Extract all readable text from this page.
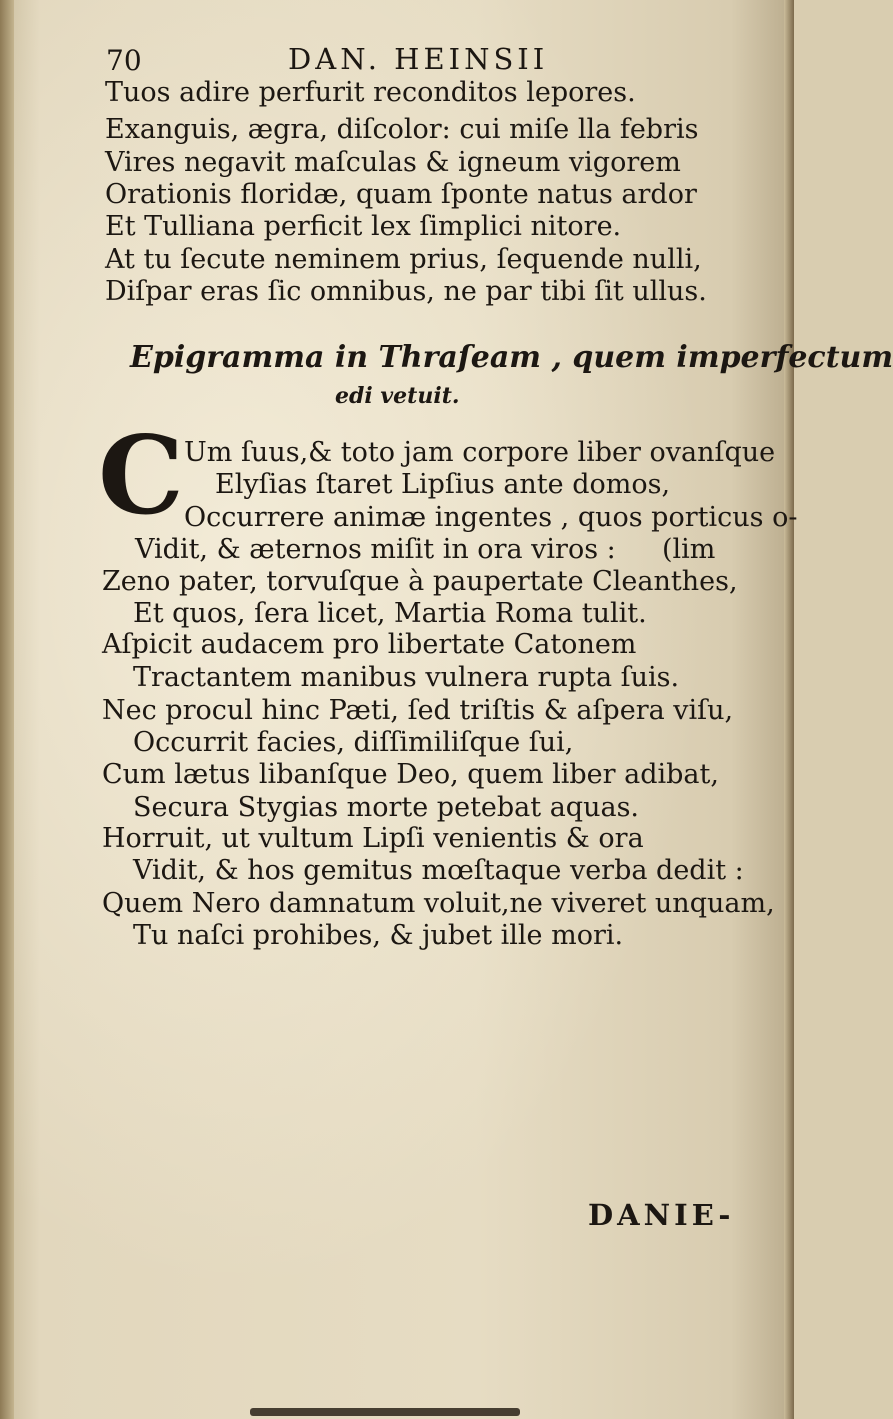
70	DAN. HEINSII
Tuos adire perfurit reconditos lepores.
Exanguis, ægra, diſcolor: cui miſe lla febris
Vires negavit maſculas & igneum vigorem
Orationis floridæ, quam ſponte natus ardor
Et Tulliana perficit lex ſimplici nitore.
At tu ſecute neminem prius, ſequende nulli,
Diſpar eras ſic omnibus, ne par tibi ſit ullus.
Epigramma in Thraſeam , quem imperfectum
edi vetuit.
C Um ſuus,& toto jam corpore liber ovanſque
Elyſias ſtaret Lipſius ante domos,
Occurrere animæ ingentes , quos porticus o-
Vidit, & æternos miſit in ora viros : (lim
Zeno pater, torvuſque à paupertate Cleanthes,
Et quos, ſera licet, Martia Roma tulit.
Aſpicit audacem pro libertate Catonem
Tractantem manibus vulnera rupta ſuis.
Nec procul hinc Pæti, ſed triſtis & aſpera viſu,
Occurrit facies, diſſimiliſque ſui,
Cum lætus libanſque Deo, quem liber adibat,
Secura Stygias morte petebat aquas.
Horruit, ut vultum Lipſi venientis & ora
Vidit, & hos gemitus mœſtaque verba dedit :
Quem Nero damnatum voluit,ne viveret unquam,
Tu naſci prohibes, & jubet ille mori.
DANIE-
